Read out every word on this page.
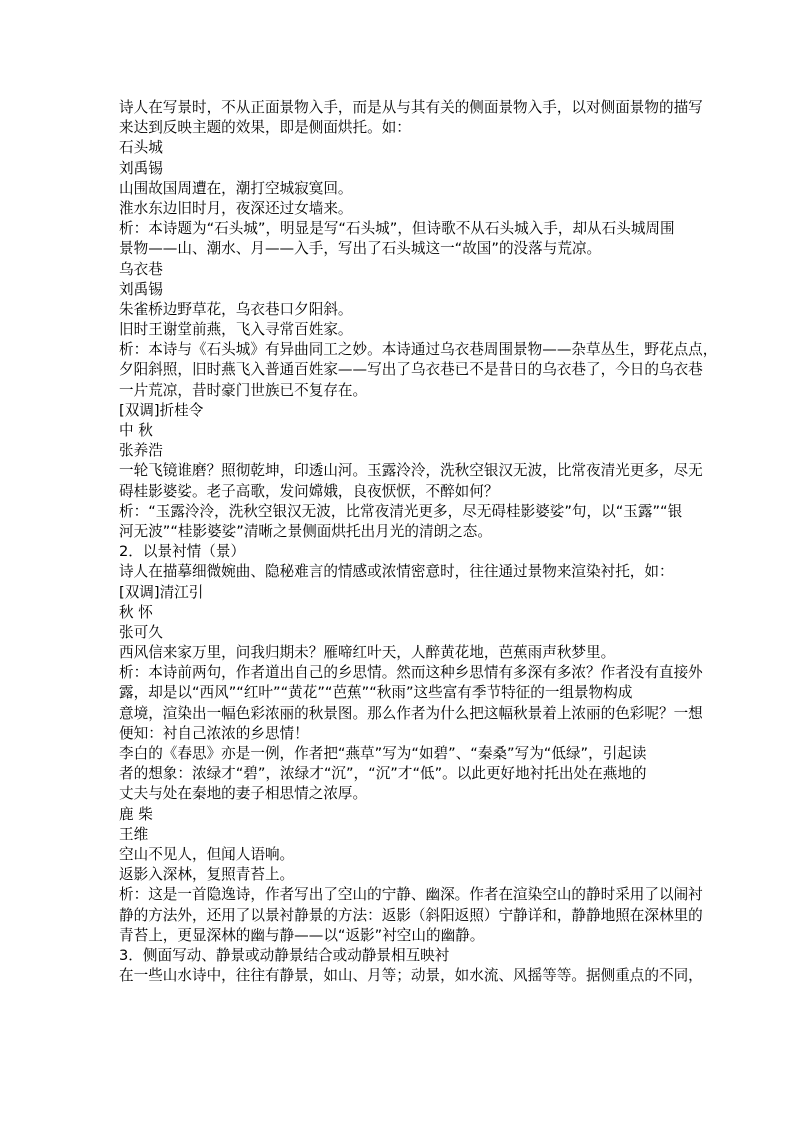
诗人在写景时，不从正面景物入手，而是从与其有关的侧面景物入手，以对侧面景物的描写
来达到反映主题的效果，即是侧面烘托。如：
石头城
刘禹锡
山围故国周遭在，潮打空城寂寞回。
淮水东边旧时月，夜深还过女墙来。
析：本诗题为“石头城”，明显是写“石头城”，但诗歌不从石头城入手，却从石头城周围
景物——山、潮水、月——入手，写出了石头城这一“故国”的没落与荒凉。
乌衣巷
刘禹锡
朱雀桥边野草花，乌衣巷口夕阳斜。
旧时王谢堂前燕，飞入寻常百姓家。
析：本诗与《石头城》有异曲同工之妙。本诗通过乌衣巷周围景物——杂草丛生，野花点点，
夕阳斜照，旧时燕飞入普通百姓家——写出了乌衣巷已不是昔日的乌衣巷了，今日的乌衣巷
一片荒凉，昔时豪门世族已不复存在。
[双调]折桂令
中 秋
张养浩
一轮飞镜谁磨？照彻乾坤，印透山河。玉露泠泠，洗秋空银汉无波，比常夜清光更多，尽无
碍桂影婆娑。老子高歌，发问嫦娥，良夜恹恹，不醉如何？
析：“玉露泠泠，洗秋空银汉无波，比常夜清光更多，尽无碍桂影婆娑”句，以“玉露”“银
河无波”“桂影婆娑”清晰之景侧面烘托出月光的清朗之态。
2．以景衬情（景）
诗人在描摹细微婉曲、隐秘难言的情感或浓情密意时，往往通过景物来渲染衬托，如：
[双调]清江引
秋 怀
张可久
西风信来家万里，问我归期未？雁啼红叶天，人醉黄花地，芭蕉雨声秋梦里。
析：本诗前两句，作者道出自己的乡思情。然而这种乡思情有多深有多浓？作者没有直接外
露，却是以“西风”“红叶”“黄花”“芭蕉”“秋雨”这些富有季节特征的一组景物构成
意境，渲染出一幅色彩浓丽的秋景图。那么作者为什么把这幅秋景着上浓丽的色彩呢？一想
便知：衬自己浓浓的乡思情！
李白的《春思》亦是一例，作者把“燕草”写为“如碧”、“秦桑”写为“低绿”，引起读
者的想象：浓绿才“碧”，浓绿才“沉”，“沉”才“低”。以此更好地衬托出处在燕地的
丈夫与处在秦地的妻子相思情之浓厚。
鹿 柴
王维
空山不见人，但闻人语响。
返影入深林，复照青苔上。
析：这是一首隐逸诗，作者写出了空山的宁静、幽深。作者在渲染空山的静时采用了以闹衬
静的方法外，还用了以景衬静景的方法：返影（斜阳返照）宁静详和，静静地照在深林里的
青苔上，更显深林的幽与静——以“返影”衬空山的幽静。
3．侧面写动、静景或动静景结合或动静景相互映衬
在一些山水诗中，往往有静景，如山、月等；动景，如水流、风摇等等。据侧重点的不同，
